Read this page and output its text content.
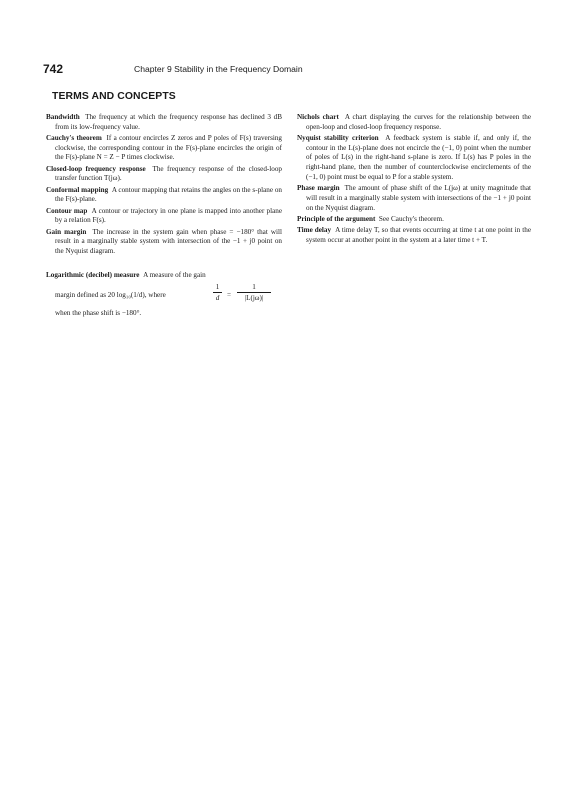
742	Chapter 9 Stability in the Frequency Domain
TERMS AND CONCEPTS

Bandwidth The frequency at which the frequency response has declined 3 dB from its low-frequency value.

Cauchy's theorem If a contour encircles Z zeros and P poles of F(s) traversing clockwise, the corresponding contour in the F(s)-plane encircles the origin of the F(s)-plane N = Z − P times clockwise.

Closed-loop frequency response The frequency response of the closed-loop transfer function T(jω).

Conformal mapping A contour mapping that retains the angles on the s-plane on the F(s)-plane.

Contour map A contour or trajectory in one plane is mapped into another plane by a relation F(s).

Gain margin The increase in the system gain when phase = −180° that will result in a marginally stable system with intersection of the −1 + j0 point on the Nyquist diagram.

Logarithmic (decibel) measure A measure of the gain

margin defined as 20 log₁₀(1/d), where	$\frac{1}{d} = \frac{1}{|L(j\omega)|}$

when the phase shift is −180°.

Nichols chart A chart displaying the curves for the relationship between the open-loop and closed-loop frequency response.

Nyquist stability criterion A feedback system is stable if, and only if, the contour in the L(s)-plane does not encircle the (−1, 0) point when the number of poles of L(s) in the right-hand s-plane is zero. If L(s) has P poles in the right-hand plane, then the number of counterclockwise encirclements of the (−1, 0) point must be equal to P for a stable system.

Phase margin The amount of phase shift of the L(jω) at unity magnitude that will result in a marginally stable system with intersections of the −1 + j0 point on the Nyquist diagram.

Principle of the argument See Cauchy's theorem.

Time delay A time delay T, so that events occurring at time t at one point in the system occur at another point in the system at a later time t + T.
